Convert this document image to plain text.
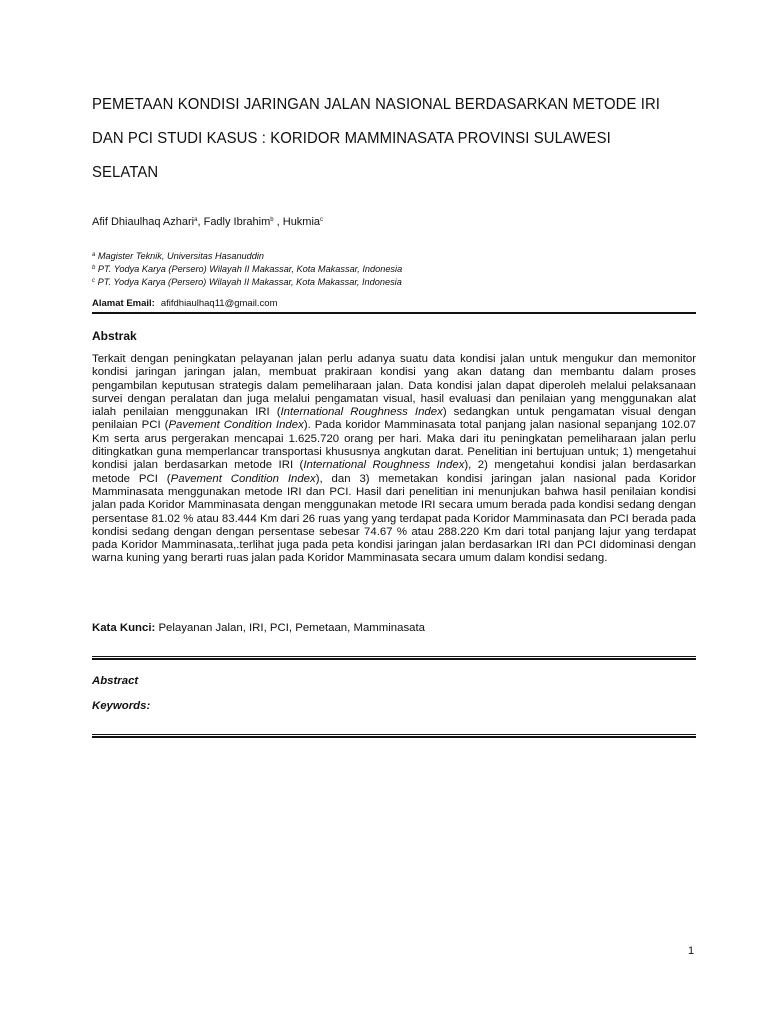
PEMETAAN KONDISI JARINGAN JALAN NASIONAL BERDASARKAN METODE IRI
DAN PCI STUDI KASUS : KORIDOR MAMMINASATA PROVINSI SULAWESI
SELATAN
Afif Dhiaulhaq Azhari$^a$, Fadly Ibrahim$^b$ , Hukmia$^c$
$^a$ Magister Teknik, Universitas Hasanuddin
$^b$ PT. Yodya Karya (Persero) Wilayah II Makassar, Kota Makassar, Indonesia
$^c$ PT. Yodya Karya (Persero) Wilayah II Makassar, Kota Makassar, Indonesia
Alamat Email: afifdhiaulhaq11@gmail.com
Abstrak
Terkait dengan peningkatan pelayanan jalan perlu adanya suatu data kondisi jalan untuk mengukur dan memonitor kondisi jaringan jaringan jalan, membuat prakiraan kondisi yang akan datang dan membantu dalam proses pengambilan keputusan strategis dalam pemeliharaan jalan. Data kondisi jalan dapat diperoleh melalui pelaksanaan survei dengan peralatan dan juga melalui pengamatan visual, hasil evaluasi dan penilaian yang menggunakan alat ialah penilaian menggunakan IRI (International Roughness Index) sedangkan untuk pengamatan visual dengan penilaian PCI (Pavement Condition Index). Pada koridor Mamminasata total panjang jalan nasional sepanjang 102.07 Km serta arus pergerakan mencapai 1.625.720 orang per hari. Maka dari itu peningkatan pemeliharaan jalan perlu ditingkatkan guna memperlancar transportasi khususnya angkutan darat. Penelitian ini bertujuan untuk; 1) mengetahui kondisi jalan berdasarkan metode IRI (International Roughness Index), 2) mengetahui kondisi jalan berdasarkan metode PCI (Pavement Condition Index), dan 3) memetakan kondisi jaringan jalan nasional pada Koridor Mamminasata menggunakan metode IRI dan PCI. Hasil dari penelitian ini menunjukan bahwa hasil penilaian kondisi jalan pada Koridor Mamminasata dengan menggunakan metode IRI secara umum berada pada kondisi sedang dengan persentase 81.02 % atau 83.444 Km dari 26 ruas yang yang terdapat pada Koridor Mamminasata dan PCI berada pada kondisi sedang dengan dengan persentase sebesar 74.67 % atau 288.220 Km dari total panjang lajur yang terdapat pada Koridor Mamminasata,.terlihat juga pada peta kondisi jaringan jalan berdasarkan IRI dan PCI didominasi dengan warna kuning yang berarti ruas jalan pada Koridor Mamminasata secara umum dalam kondisi sedang.
Kata Kunci: Pelayanan Jalan, IRI, PCI, Pemetaan, Mamminasata
Abstract
Keywords:
1
